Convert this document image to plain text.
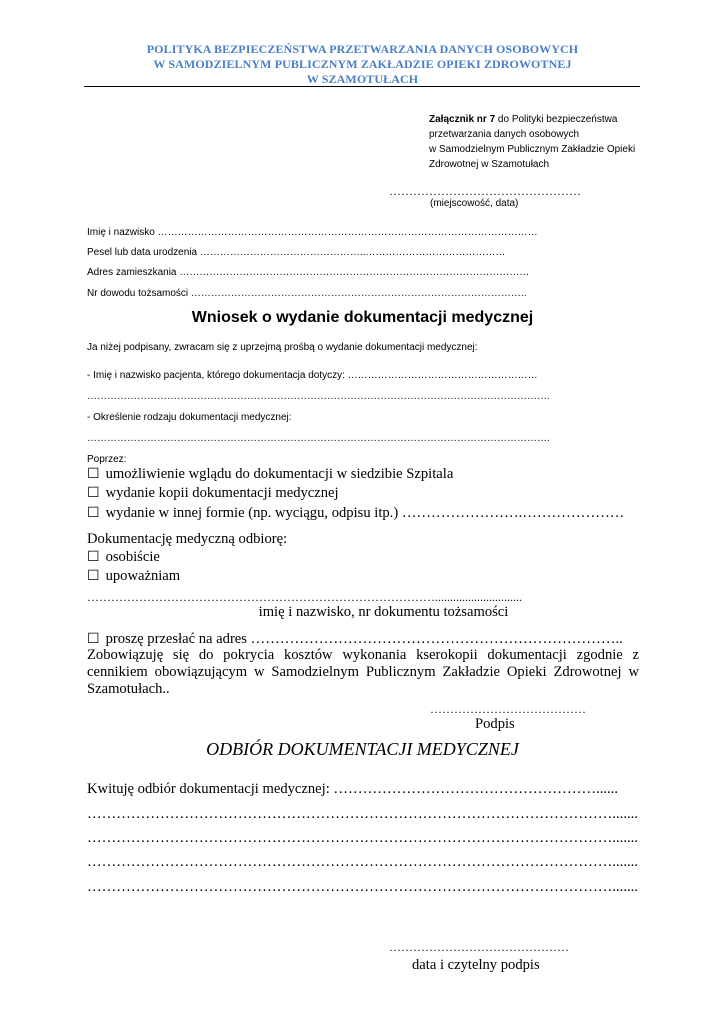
POLITYKA BEZPIECZEŃSTWA PRZETWARZANIA DANYCH OSOBOWYCH
W SAMODZIELNYM PUBLICZNYM ZAKŁADZIE OPIEKI ZDROWOTNEJ
W SZAMOTUŁACH
Załącznik nr 7 do Polityki bezpieczeństwa
przetwarzania danych osobowych
w Samodzielnym Publicznym Zakładzie Opieki
Zdrowotnej w Szamotułach
…………………………………………
(miejscowość, data)
Imię i nazwisko ……………………………………………………………………………………………………
Pesel lub data urodzenia …………………………………………..……………………………………
Adres zamieszkania ……………………………………………………………………………………………
Nr dowodu tożsamości ………………………………………………………………………………………..
Wniosek o wydanie dokumentacji medycznej
Ja niżej podpisany, zwracam się z uprzejmą prośbą o wydanie dokumentacji medycznej:
- Imię i nazwisko pacjenta, którego dokumentacja dotyczy: …………………………………………………
………………………………………………………………………………………………………………………….
- Określenie rodzaju dokumentacji medycznej:
………………………………………………………………………………………………………………………….
Poprzez:
☐ umożliwienie wglądu do dokumentacji w siedzibie Szpitala
☐ wydanie kopii dokumentacji medycznej
☐ wydanie w innej formie (np. wyciągu, odpisu itp.) …………………….…………………
Dokumentację medyczną odbiorę:
☐ osobiście
☐ upoważniam
…………………………………………………………………………….............................
imię i nazwisko, nr dokumentu tożsamości
☐ proszę przesłać na adres …………………………………………………………………..
Zobowiązuję się do pokrycia kosztów wykonania kserokopii dokumentacji zgodnie z cennikiem obowiązującym w Samodzielnym Publicznym Zakładzie Opieki Zdrowotnej w Szamotułach..
…………………………………
Podpis
ODBIÓR DOKUMENTACJI MEDYCZNEJ
Kwituję odbiór dokumentacji medycznej: ………………………………………………......
……………………………………………………………………………………………….......
……………………………………………………………………………………………….......
……………………………………………………………………………………………….......
……………………………………………………………………………………………….......
………………………………………
data i czytelny podpis
